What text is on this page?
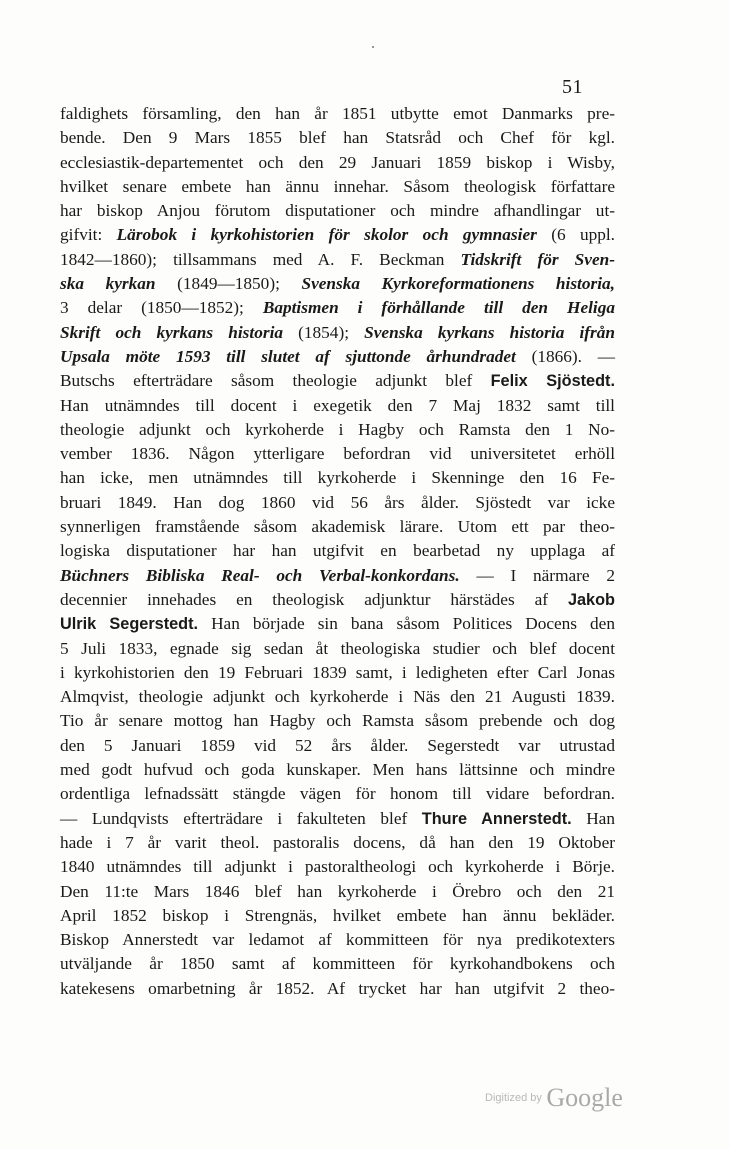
51
faldighets församling, den han år 1851 utbytte emot Danmarks pre-
bende. Den 9 Mars 1855 blef han Statsråd och Chef för kgl.
ecclesiastik-departementet och den 29 Januari 1859 biskop i Wisby,
hvilket senare embete han ännu innehar. Såsom theologisk författare
har biskop Anjou förutom disputationer och mindre afhandlingar ut-
gifvit: Lärobok i kyrkohistorien för skolor och gymnasier (6 uppl.
1842—1860); tillsammans med A. F. Beckman Tidskrift för Sven-
ska kyrkan (1849—1850); Svenska Kyrkoreformationens historia,
3 delar (1850—1852); Baptismen i förhållande till den Heliga
Skrift och kyrkans historia (1854); Svenska kyrkans historia ifrån
Upsala möte 1593 till slutet af sjuttonde århundradet (1866). —
Butschs efterträdare såsom theologie adjunkt blef Felix Sjöstedt.
Han utnämndes till docent i exegetik den 7 Maj 1832 samt till
theologie adjunkt och kyrkoherde i Hagby och Ramsta den 1 No-
vember 1836. Någon ytterligare befordran vid universitetet erhöll
han icke, men utnämndes till kyrkoherde i Skenninge den 16 Fe-
bruari 1849. Han dog 1860 vid 56 års ålder. Sjöstedt var icke
synnerligen framstående såsom akademisk lärare. Utom ett par theo-
logiska disputationer har han utgifvit en bearbetad ny upplaga af
Büchners Bibliska Real- och Verbal-konkordans. — I närmare 2
decennier innehades en theologisk adjunktur härstädes af Jakob
Ulrik Segerstedt. Han började sin bana såsom Politices Docens den
5 Juli 1833, egnade sig sedan åt theologiska studier och blef docent
i kyrkohistorien den 19 Februari 1839 samt, i ledigheten efter Carl Jonas
Almqvist, theologie adjunkt och kyrkoherde i Näs den 21 Augusti 1839.
Tio år senare mottog han Hagby och Ramsta såsom prebende och dog
den 5 Januari 1859 vid 52 års ålder. Segerstedt var utrustad
med godt hufvud och goda kunskaper. Men hans lättsinne och mindre
ordentliga lefnadssätt stängde vägen för honom till vidare befordran.
— Lundqvists efterträdare i fakulteten blef Thure Annerstedt. Han
hade i 7 år varit theol. pastoralis docens, då han den 19 Oktober
1840 utnämndes till adjunkt i pastoraltheologi och kyrkoherde i Börje.
Den 11:te Mars 1846 blef han kyrkoherde i Örebro och den 21
April 1852 biskop i Strengnäs, hvilket embete han ännu bekläder.
Biskop Annerstedt var ledamot af kommitteen för nya predikotexters
utväljande år 1850 samt af kommitteen för kyrkohandbokens och
katekesens omarbetning år 1852. Af trycket har han utgifvit 2 theo-
Digitized by Google
